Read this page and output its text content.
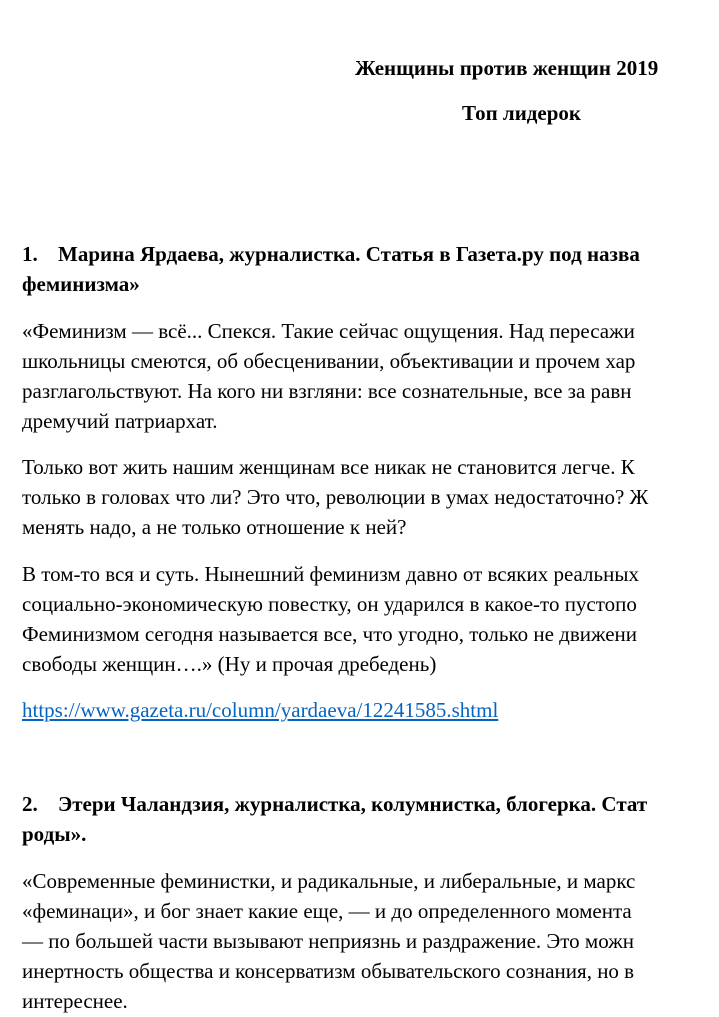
Женщины против женщин 2019
Топ лидерок
1. Марина Ярдаева, журналистка. Статья в Газета.ру под назва
феминизма»
«Феминизм — всё... Спекся. Такие сейчас ощущения. Над пересажи
школьницы смеются, об обесценивании, объективации и прочем хар
разглагольствуют. На кого ни взгляни: все сознательные, все за равн
дремучий патриархат.
Только вот жить нашим женщинам все никак не становится легче. К
только в головах что ли? Это что, революции в умах недостаточно? Ж
менять надо, а не только отношение к ней?
В том-то вся и суть. Нынешний феминизм давно от всяких реальных
социально-экономическую повестку, он ударился в какое-то пустопо
Феминизмом сегодня называется все, что угодно, только не движени
свободы женщин….» (Ну и прочая дребедень)
https://www.gazeta.ru/column/yardaeva/12241585.shtml
2. Этери Чаландзия, журналистка, колумнистка, блогерка. Стат
роды».
«Современные феминистки, и радикальные, и либеральные, и маркс
«феминаци», и бог знает какие еще, — и до определенного момента
— по большей части вызывают неприязнь и раздражение. Это можн
инертность общества и консерватизм обывательского сознания, но в
интереснее.
